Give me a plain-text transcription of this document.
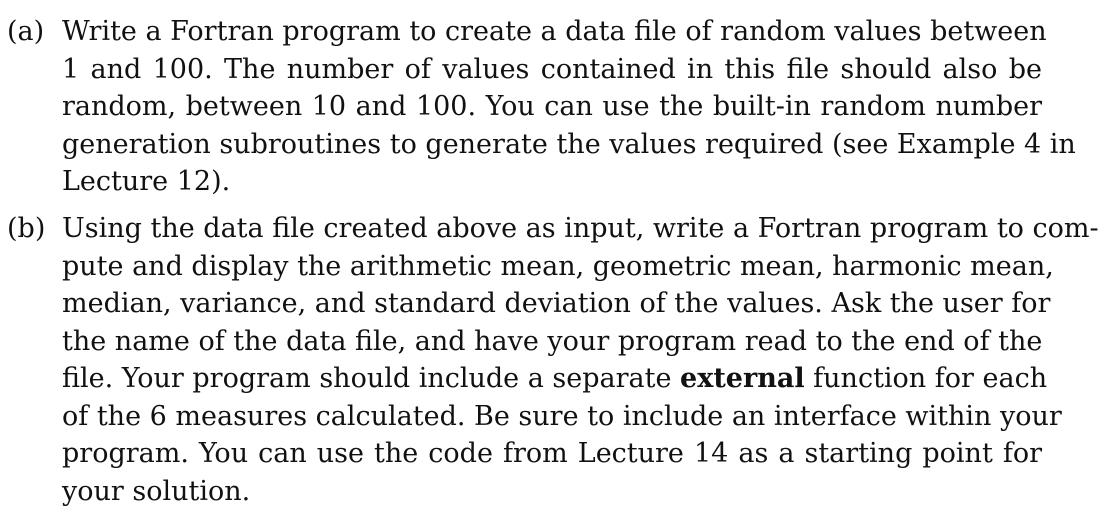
(a) Write a Fortran program to create a data file of random values between
1 and 100. The number of values contained in this file should also be
random, between 10 and 100. You can use the built-in random number
generation subroutines to generate the values required (see Example 4 in
Lecture 12).
(b) Using the data file created above as input, write a Fortran program to com-
pute and display the arithmetic mean, geometric mean, harmonic mean,
median, variance, and standard deviation of the values. Ask the user for
the name of the data file, and have your program read to the end of the
file. Your program should include a separate external function for each
of the 6 measures calculated. Be sure to include an interface within your
program. You can use the code from Lecture 14 as a starting point for
your solution.
